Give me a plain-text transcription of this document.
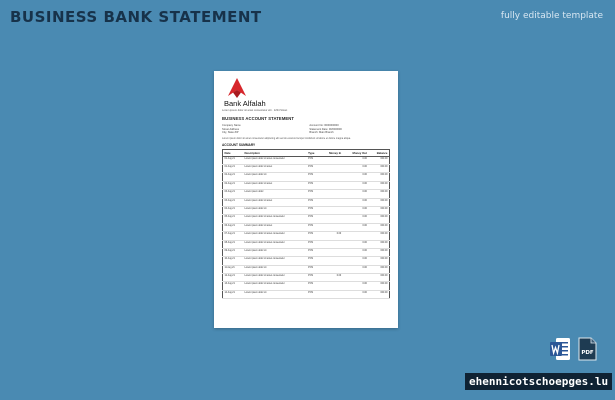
BUSINESS BANK STATEMENT	fully editable template
Bank Alfalah
Lorem ipsum dolor sit amet consectetur elit · 1234 Street
BUSINESS ACCOUNT STATEMENT
Company Name
Street Address
City, State ZIP
Account No: 0000000000
Statement Date: 00/00/0000
Branch: Main Branch
Lorem ipsum dolor sit amet consectetur adipiscing elit sed do eiusmod tempor incididunt ut labore et dolore magna aliqua.
ACCOUNT SUMMARY
Date	Description	Type	Money In	Money Out	Balance
01 Aug 21	Lorem ipsum dolor sit amet consectetur	POS		0.00	000.00
01 Aug 21	Lorem ipsum dolor sit amet	POS		0.00	000.00
02 Aug 21	Lorem ipsum dolor sit	POS		0.00	000.00
02 Aug 21	Lorem ipsum dolor sit amet	POS		0.00	000.00
03 Aug 21	Lorem ipsum dolor	POS		0.00	000.00
03 Aug 21	Lorem ipsum dolor sit amet	POS		0.00	000.00
04 Aug 21	Lorem ipsum dolor sit	POS		0.00	000.00
05 Aug 21	Lorem ipsum dolor sit amet consectetur	POS		0.00	000.00
06 Aug 21	Lorem ipsum dolor sit amet	POS		0.00	000.00
07 Aug 21	Lorem ipsum dolor sit amet consectetur	POS	0.00		000.00
08 Aug 21	Lorem ipsum dolor sit amet consectetur	POS		0.00	000.00
09 Aug 21	Lorem ipsum dolor sit	POS		0.00	000.00
10 Aug 21	Lorem ipsum dolor sit amet consectetur	POS		0.00	000.00
11 Aug 21	Lorem ipsum dolor sit	POS		0.00	000.00
12 Aug 21	Lorem ipsum dolor sit amet consectetur	POS	0.00		000.00
13 Aug 21	Lorem ipsum dolor sit amet consectetur	POS		0.00	000.00
14 Aug 21	Lorem ipsum dolor sit	POS		0.00	000.00
PDF
ehennicotschoepges.lu
